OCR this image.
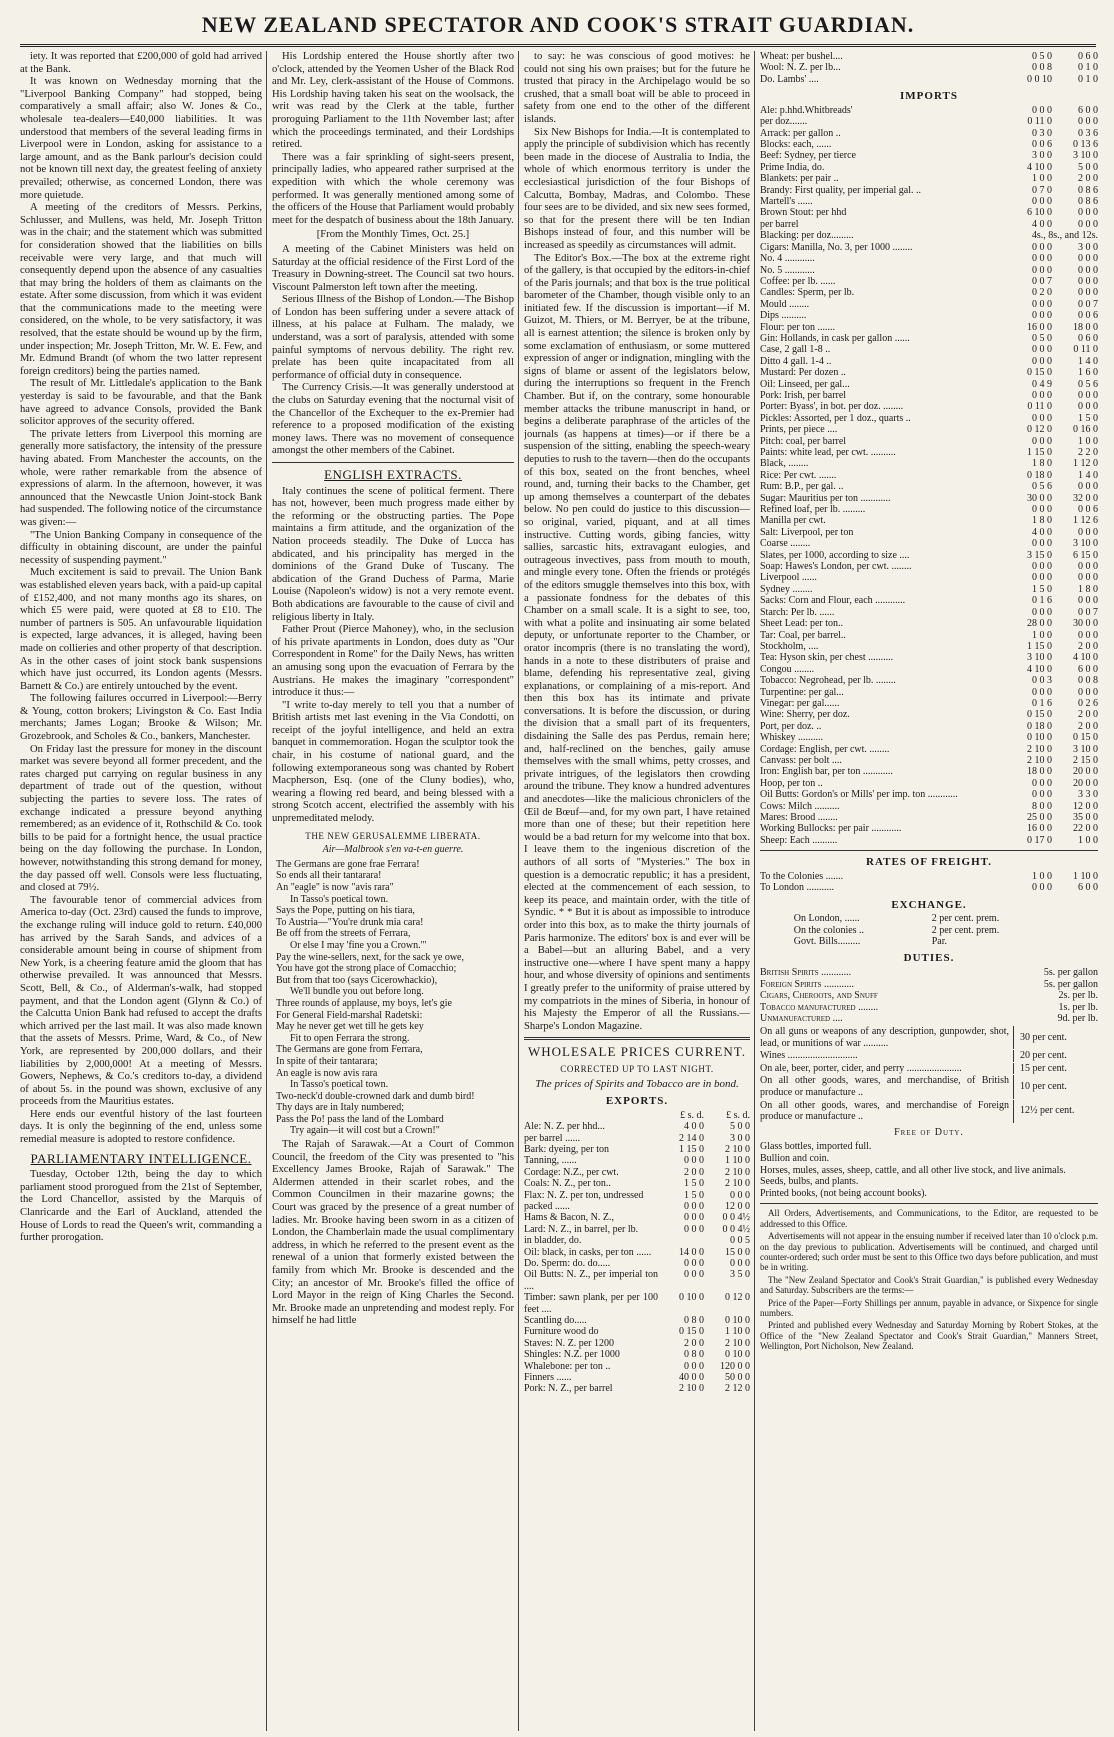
NEW ZEALAND SPECTATOR AND COOK'S STRAIT GUARDIAN.

iety. It was reported that £200,000 of gold had arrived at the Bank.

It was known on Wednesday morning that the "Liverpool Banking Company" had stopped, being comparatively a small affair; also W. Jones & Co., wholesale tea-dealers—£40,000 liabilities. It was understood that members of the several leading firms in Liverpool were in London, asking for assistance to a large amount, and as the Bank parlour's decision could not be known till next day, the greatest feeling of anxiety prevailed; otherwise, as concerned London, there was more quietude.

A meeting of the creditors of Messrs. Perkins, Schlusser, and Mullens, was held, Mr. Joseph Tritton was in the chair; and the statement which was submitted for consideration showed that the liabilities on bills receivable were very large, and that much will consequently depend upon the absence of any casualties that may bring the holders of them as claimants on the estate. After some discussion, from which it was evident that the communications made to the meeting were considered, on the whole, to be very satisfactory, it was resolved, that the estate should be wound up by the firm, under inspection; Mr. Joseph Tritton, Mr. W. E. Few, and Mr. Edmund Brandt (of whom the two latter represent foreign creditors) being the parties named.

The result of Mr. Littledale's application to the Bank yesterday is said to be favourable, and that the Bank have agreed to advance Consols, provided the Bank solicitor approves of the security offered.

The private letters from Liverpool this morning are generally more satisfactory, the intensity of the pressure having abated. From Manchester the accounts, on the whole, were rather remarkable from the absence of expressions of alarm. In the afternoon, however, it was announced that the Newcastle Union Joint-stock Bank had suspended. The following notice of the circumstance was given:—

"The Union Banking Company in consequence of the difficulty in obtaining discount, are under the painful necessity of suspending payment."

Much excitement is said to prevail. The Union Bank was established eleven years back, with a paid-up capital of £152,400, and not many months ago its shares, on which £5 were paid, were quoted at £8 to £10. The number of partners is 505. An unfavourable liquidation is expected, large advances, it is alleged, having been made on collieries and other property of that description. As in the other cases of joint stock bank suspensions which have just occurred, its London agents (Messrs. Barnett & Co.) are entirely untouched by the event.

The following failures occurred in Liverpool:—Berry & Young, cotton brokers; Livingston & Co. East India merchants; James Logan; Brooke & Wilson; Mr. Grozebrook, and Scholes & Co., bankers, Manchester.

On Friday last the pressure for money in the discount market was severe beyond all former precedent, and the rates charged put carrying on regular business in any department of trade out of the question, without subjecting the parties to severe loss. The rates of exchange indicated a pressure beyond anything remembered; as an evidence of it, Rothschild & Co. took bills to be paid for a fortnight hence, the usual practice being on the day following the purchase. In London, however, notwithstanding this strong demand for money, the day passed off well. Consols were less fluctuating, and closed at 79½.

The favourable tenor of commercial advices from America to-day (Oct. 23rd) caused the funds to improve, the exchange ruling will induce gold to return. £40,000 has arrived by the Sarah Sands, and advices of a considerable amount being in course of shipment from New York, is a cheering feature amid the gloom that has otherwise prevailed. It was announced that Messrs. Scott, Bell, & Co., of Alderman's-walk, had stopped payment, and that the London agent (Glynn & Co.) of the Calcutta Union Bank had refused to accept the drafts which arrived per the last mail. It was also made known that the assets of Messrs. Prime, Ward, & Co., of New York, are represented by 200,000 dollars, and their liabilities by 2,000,000! At a meeting of Messrs. Gowers, Nephews, & Co.'s creditors to-day, a dividend of about 5s. in the pound was shown, exclusive of any proceeds from the Mauritius estates.

Here ends our eventful history of the last fourteen days. It is only the beginning of the end, unless some remedial measure is adopted to restore confidence.

PARLIAMENTARY INTELLIGENCE.

Tuesday, October 12th, being the day to which parliament stood prorogued from the 21st of September, the Lord Chancellor, assisted by the Marquis of Clanricarde and the Earl of Auckland, attended the House of Lords to read the Queen's writ, commanding a further prorogation.

His Lordship entered the House shortly after two o'clock, attended by the Yeomen Usher of the Black Rod and Mr. Ley, clerk-assistant of the House of Commons. His Lordship having taken his seat on the woolsack, the writ was read by the Clerk at the table, further proroguing Parliament to the 11th November last; after which the proceedings terminated, and their Lordships retired.

There was a fair sprinkling of sight-seers present, principally ladies, who appeared rather surprised at the expedition with which the whole ceremony was performed. It was generally mentioned among some of the officers of the House that Parliament would probably meet for the despatch of business about the 18th January.

[From the Monthly Times, Oct. 25.]

A meeting of the Cabinet Ministers was held on Saturday at the official residence of the First Lord of the Treasury in Downing-street. The Council sat two hours. Viscount Palmerston left town after the meeting.

Serious Illness of the Bishop of London.—The Bishop of London has been suffering under a severe attack of illness, at his palace at Fulham. The malady, we understand, was a sort of paralysis, attended with some painful symptoms of nervous debility. The right rev. prelate has been quite incapacitated from all performance of official duty in consequence.

The Currency Crisis.—It was generally understood at the clubs on Saturday evening that the nocturnal visit of the Chancellor of the Exchequer to the ex-Premier had reference to a proposed modification of the existing money laws. There was no movement of consequence amongst the other members of the Cabinet.

ENGLISH EXTRACTS.

Italy continues the scene of political ferment. There has not, however, been much progress made either by the reforming or the obstructing parties. The Pope maintains a firm attitude, and the organization of the Nation proceeds steadily. The Duke of Lucca has abdicated, and his principality has merged in the dominions of the Grand Duke of Tuscany. The abdication of the Grand Duchess of Parma, Marie Louise (Napoleon's widow) is not a very remote event. Both abdications are favourable to the cause of civil and religious liberty in Italy.

Father Prout (Pierce Mahoney), who, in the seclusion of his private apartments in London, does duty as "Our Correspondent in Rome" for the Daily News, has written an amusing song upon the evacuation of Ferrara by the Austrians. He makes the imaginary "correspondent" introduce it thus:—

"I write to-day merely to tell you that a number of British artists met last evening in the Via Condotti, on receipt of the joyful intelligence, and held an extra banquet in commemoration. Hogan the sculptor took the chair, in his costume of national guard, and the following extemporaneous song was chanted by Robert Macpherson, Esq. (one of the Cluny bodies), who, wearing a flowing red beard, and being blessed with a strong Scotch accent, electrified the assembly with his unpremeditated melody.

THE NEW GERUSALEMME LIBERATA.
Air—Malbrook s'en va-t-en guerre.
The Germans are gone frae Ferrara!
So ends all their tantarara!
An "eagle" is now "avis rara"
In Tasso's poetical town.
Says the Pope, putting on his tiara,
To Austria—"You're drunk mia cara!
Be off from the streets of Ferrara,
Or else I may 'fine you a Crown.'"
Pay the wine-sellers, next, for the sack ye owe,
You have got the strong place of Comacchio;
But from that too (says Cicerowhackio),
We'll bundle you out before long.
Three rounds of applause, my boys, let's gie
For General Field-marshal Radetski:
May he never get wet till he gets key
Fit to open Ferrara the strong.
The Germans are gone from Ferrara,
In spite of their tantarara;
An eagle is now avis rara
In Tasso's poetical town.
Two-neck'd double-crowned dark and dumb bird!
Thy days are in Italy numbered;
Pass the Po! pass the land of the Lombard
Try again—it will cost but a Crown!"

The Rajah of Sarawak.—At a Court of Common Council, the freedom of the City was presented to "his Excellency James Brooke, Rajah of Sarawak." The Aldermen attended in their scarlet robes, and the Common Councilmen in their mazarine gowns; the Court was graced by the presence of a great number of ladies. Mr. Brooke having been sworn in as a citizen of London, the Chamberlain made the usual complimentary address, in which he referred to the present event as the renewal of a union that formerly existed between the family from which Mr. Brooke is descended and the City; an ancestor of Mr. Brooke's filled the office of Lord Mayor in the reign of King Charles the Second. Mr. Brooke made an unpretending and modest reply. For himself he had little

to say: he was conscious of good motives: he could not sing his own praises; but for the future he trusted that piracy in the Archipelago would be so crushed, that a small boat will be able to proceed in safety from one end to the other of the different islands.

Six New Bishops for India.—It is contemplated to apply the principle of subdivision which has recently been made in the diocese of Australia to India, the whole of which enormous territory is under the ecclesiastical jurisdiction of the four Bishops of Calcutta, Bombay, Madras, and Colombo. These four sees are to be divided, and six new sees formed, so that for the present there will be ten Indian Bishops instead of four, and this number will be increased as speedily as circumstances will admit.

The Editor's Box.—The box at the extreme right of the gallery, is that occupied by the editors-in-chief of the Paris journals; and that box is the true political barometer of the Chamber, though visible only to an initiated few. If the discussion is important—if M. Guizot, M. Thiers, or M. Berryer, be at the tribune, all is earnest attention; the silence is broken only by some exclamation of enthusiasm, or some muttered expression of anger or indignation, mingling with the signs of blame or assent of the legislators below, during the interruptions so frequent in the French Chamber. But if, on the contrary, some honourable member attacks the tribune manuscript in hand, or begins a deliberate paraphrase of the articles of the journals (as happens at times)—or if there be a suspension of the sitting, enabling the speech-weary deputies to rush to the tavern—then do the occupants of this box, seated on the front benches, wheel round, and, turning their backs to the Chamber, get up among themselves a counterpart of the debates below. No pen could do justice to this discussion—so original, varied, piquant, and at all times instructive. Cutting words, gibing fancies, witty sallies, sarcastic hits, extravagant eulogies, and outrageous invectives, pass from mouth to mouth, and mingle every tone. Often the friends or protégés of the editors smuggle themselves into this box, with a passionate fondness for the debates of this Chamber on a small scale. It is a sight to see, too, with what a polite and insinuating air some belated deputy, or unfortunate reporter to the Chamber, or orator incompris (there is no translating the word), hands in a note to these distributers of praise and blame, defending his representative zeal, giving explanations, or complaining of a mis-report. And then this box has its intimate and private conversations. It is before the discussion, or during the division that a small part of its frequenters, disdaining the Salle des pas Perdus, remain here; and, half-reclined on the benches, gaily amuse themselves with the small whims, petty crosses, and private intrigues, of the legislators then crowding around the tribune. They know a hundred adventures and anecdotes—like the malicious chroniclers of the Œil de Bœuf—and, for my own part, I have retained more than one of these; but their repetition here would be a bad return for my welcome into that box. I leave them to the ingenious discretion of the authors of all sorts of "Mysteries." The box in question is a democratic republic; it has a president, elected at the commencement of each session, to keep its peace, and maintain order, with the title of Syndic. * * But it is about as impossible to introduce order into this box, as to make the thirty journals of Paris harmonize. The editors' box is and ever will be a Babel—but an alluring Babel, and a very instructive one—where I have spent many a happy hour, and whose diversity of opinions and sentiments I greatly prefer to the uniformity of praise uttered by my compatriots in the mines of Siberia, in honour of his Majesty the Emperor of all the Russians.—Sharpe's London Magazine.

WHOLESALE PRICES CURRENT.
CORRECTED UP TO LAST NIGHT.
The prices of Spirits and Tobacco are in bond.
EXPORTS.
	£ s. d.	£ s. d.
Ale: N. Z. per hhd...	4 0 0	5 0 0
per barrel ......	2 14 0	3 0 0
Bark: dyeing, per ton	1 15 0	2 10 0
Tanning, ......	0 0 0	1 10 0
Cordage: N.Z., per cwt.	2 0 0	2 10 0
Coals: N. Z., per ton..	1 5 0	2 10 0
Flax: N. Z. per ton, undressed	1 5 0	0 0 0
packed ......	0 0 0	12 0 0
Hams & Bacon, N. Z.,	0 0 0	0 0 4½
Lard: N. Z., in barrel, per lb.	0 0 0	0 0 4½
in bladder, do.		0 0 5
Oil: black, in casks, per ton ......	14 0 0	15 0 0
Do. Sperm: do. do.....	0 0 0	0 0 0
Oil Butts: N. Z., per imperial ton ....	0 0 0	3 5 0
Timber: sawn plank, per per 100 feet ....	0 10 0	0 12 0
Scantling do.....	0 8 0	0 10 0
Furniture wood do	0 15 0	1 10 0
Staves: N. Z. per 1200	2 0 0	2 10 0
Shingles: N.Z. per 1000	0 8 0	0 10 0
Whalebone: per ton ..	0 0 0	120 0 0
Finners ......	40 0 0	50 0 0
Pork: N. Z., per barrel	2 10 0	2 12 0
Wheat: per bushel....	0 5 0	0 6 0
Wool: N. Z. per lb...	0 0 8	0 1 0
Do. Lambs' ....	0 0 10	0 1 0
IMPORTS
Ale: p.hhd.Whitbreads'	0 0 0	6 0 0
per doz.......	0 11 0	0 0 0
Arrack: per gallon ..	0 3 0	0 3 6
Blocks: each, ......	0 0 6	0 13 6
Beef: Sydney, per tierce	3 0 0	3 10 0
Prime India, do.	4 10 0	5 0 0
Blankets: per pair ..	1 0 0	2 0 0
Brandy: First quality, per imperial gal. ..	0 7 0	0 8 6
Martell's ......	0 0 0	0 8 6
Brown Stout: per hhd	6 10 0	0 0 0
per barrel	4 0 0	0 0 0
Blacking: per doz.........	4s., 8s., and 12s.	
Cigars: Manilla, No. 3, per 1000 ........	0 0 0	3 0 0
No. 4 ............	0 0 0	0 0 0
No. 5 ............	0 0 0	0 0 0
Coffee: per lb. ......	0 0 7	0 0 0
Candles: Sperm, per lb.	0 2 0	0 0 0
Mould ........	0 0 0	0 0 7
Dips ..........	0 0 0	0 0 6
Flour: per ton .......	16 0 0	18 0 0
Gin: Hollands, in cask per gallon ......	0 5 0	0 6 0
Case, 2 gall 1-8 ..	0 0 0	0 11 0
Ditto 4 gall. 1-4 ..	0 0 0	1 4 0
Mustard: Per dozen ..	0 15 0	1 6 0
Oil: Linseed, per gal...	0 4 9	0 5 6
Pork: Irish, per barrel	0 0 0	0 0 0
Porter: Byass', in bot. per doz. ........	0 11 0	0 0 0
Pickles: Assorted, per 1 doz., quarts ..	0 0 0	1 5 0
Prints, per piece ....	0 12 0	0 16 0
Pitch: coal, per barrel	0 0 0	1 0 0
Paints: white lead, per cwt. ..........	1 15 0	2 2 0
Black, ........	1 8 0	1 12 0
Rice: Per cwt. .......	0 18 0	1 4 0
Rum: B.P., per gal. ..	0 5 6	0 0 0
Sugar: Mauritius per ton ............	30 0 0	32 0 0
Refined loaf, per lb. .........	0 0 0	0 0 6
Manilla per cwt.	1 8 0	1 12 6
Salt: Liverpool, per ton	4 0 0	0 0 0
Coarse ........	0 0 0	3 10 0
Slates, per 1000, according to size ....	3 15 0	6 15 0
Soap: Hawes's London, per cwt. ........	0 0 0	0 0 0
Liverpool ......	0 0 0	0 0 0
Sydney ........	1 5 0	1 8 0
Sacks: Corn and Flour, each ............	0 1 6	0 0 0
Starch: Per lb. ......	0 0 0	0 0 7
Sheet Lead: per ton..	28 0 0	30 0 0
Tar: Coal, per barrel..	1 0 0	0 0 0
Stockholm, ....	1 15 0	2 0 0
Tea: Hyson skin, per chest ..........	3 10 0	4 10 0
Congou ........	4 10 0	6 0 0
Tobacco: Negrohead, per lb. ........	0 0 3	0 0 8
Turpentine: per gal...	0 0 0	0 0 0
Vinegar: per gal......	0 1 6	0 2 6
Wine: Sherry, per doz.	0 15 0	2 0 0
Port, per doz. ..	0 18 0	2 0 0
Whiskey ..........	0 10 0	0 15 0
Cordage: English, per cwt. ........	2 10 0	3 10 0
Canvass: per bolt ....	2 10 0	2 15 0
Iron: English bar, per ton ............	18 0 0	20 0 0
Hoop, per ton ..	0 0 0	20 0 0
Oil Butts: Gordon's or Mills' per imp. ton ............	0 0 0	3 3 0
Cows: Milch ..........	8 0 0	12 0 0
Mares: Brood ........	25 0 0	35 0 0
Working Bullocks: per pair ............	16 0 0	22 0 0
Sheep: Each ..........	0 17 0	1 0 0
RATES OF FREIGHT.
To the Colonies .......	1 0 0	1 10 0
To London ...........	0 0 0	6 0 0
EXCHANGE.
On London, ......	2 per cent. prem.
On the colonies ..	2 per cent. prem.
Govt. Bills.........	Par.
DUTIES.
British Spirits ............	5s. per gallon
Foreign Spirits ............	5s. per gallon
Cigars, Cheroots, and Snuff	2s. per lb.
Tobacco manufactured ........	1s. per lb.
Unmanufactured ....	9d. per lb.
On all guns or weapons of any description, gunpowder, shot, lead, or munitions of war ..........
30 per cent.
Wines ............................	20 per cent.
On ale, beer, porter, cider, and perry ......................	15 per cent.
On all other goods, wares, and merchandise, of British produce or manufacture ..
10 per cent.
On all other goods, wares, and merchandise of Foreign produce or manufacture ..
12½ per cent.
Free of Duty.
Glass bottles, imported full.
Bullion and coin.
Horses, mules, asses, sheep, cattle, and all other live stock, and live animals.
Seeds, bulbs, and plants.
Printed books, (not being account books).

All Orders, Advertisements, and Communications, to the Editor, are requested to be addressed to this Office.

Advertisements will not appear in the ensuing number if received later than 10 o'clock p.m. on the day previous to publication. Advertisements will be continued, and charged until counter-ordered; such order must be sent to this Office two days before publication, and must be in writing.

The "New Zealand Spectator and Cook's Strait Guardian," is published every Wednesday and Saturday. Subscribers are the terms:—

Price of the Paper—Forty Shillings per annum, payable in advance, or Sixpence for single numbers.

Printed and published every Wednesday and Saturday Morning by Robert Stokes, at the Office of the "New Zealand Spectator and Cook's Strait Guardian," Manners Street, Wellington, Port Nicholson, New Zealand.
